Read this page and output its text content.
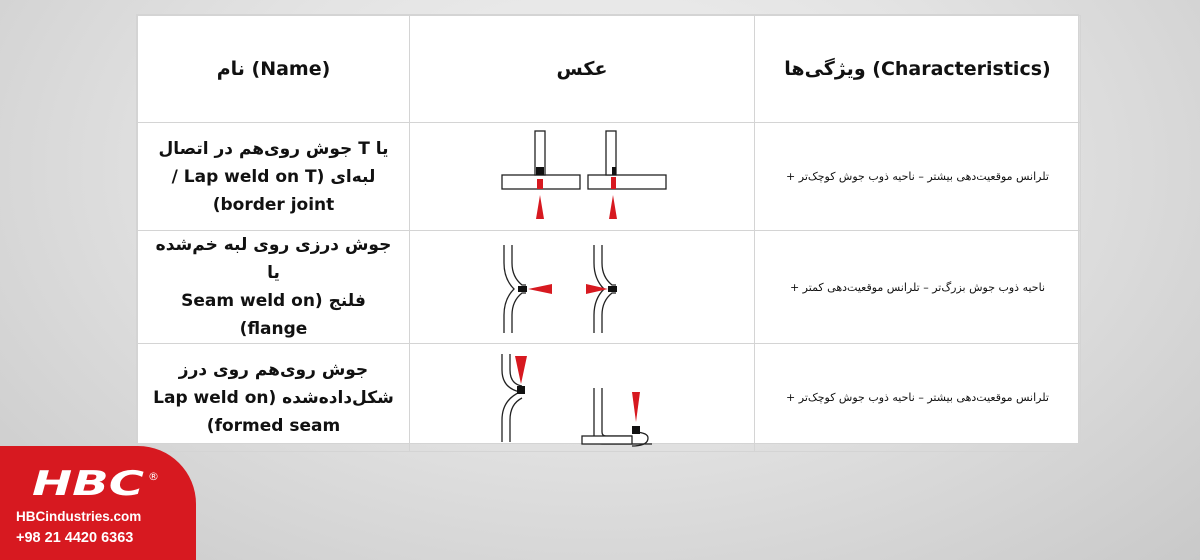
(Name) نام	عکس	(Characteristics) ویژگی‌ها

یا T جوش روی‌هم در اتصال
لبه‌ای (Lap weld on T /
border joint)		تلرانس موقعیت‌دهی بیشتر – ناحیه ذوب جوش کوچک‌تر +

جوش درزی روی لبه خم‌شده یا
فلنج (Seam weld on
flange)		ناحیه ذوب جوش بزرگ‌تر – تلرانس موقعیت‌دهی کمتر +

جوش روی‌هم روی درز
شکل‌داده‌شده (Lap weld on
formed seam)		تلرانس موقعیت‌دهی بیشتر – ناحیه ذوب جوش کوچک‌تر +
HBC ®
HBCindustries.com
+98 21 4420 6363
